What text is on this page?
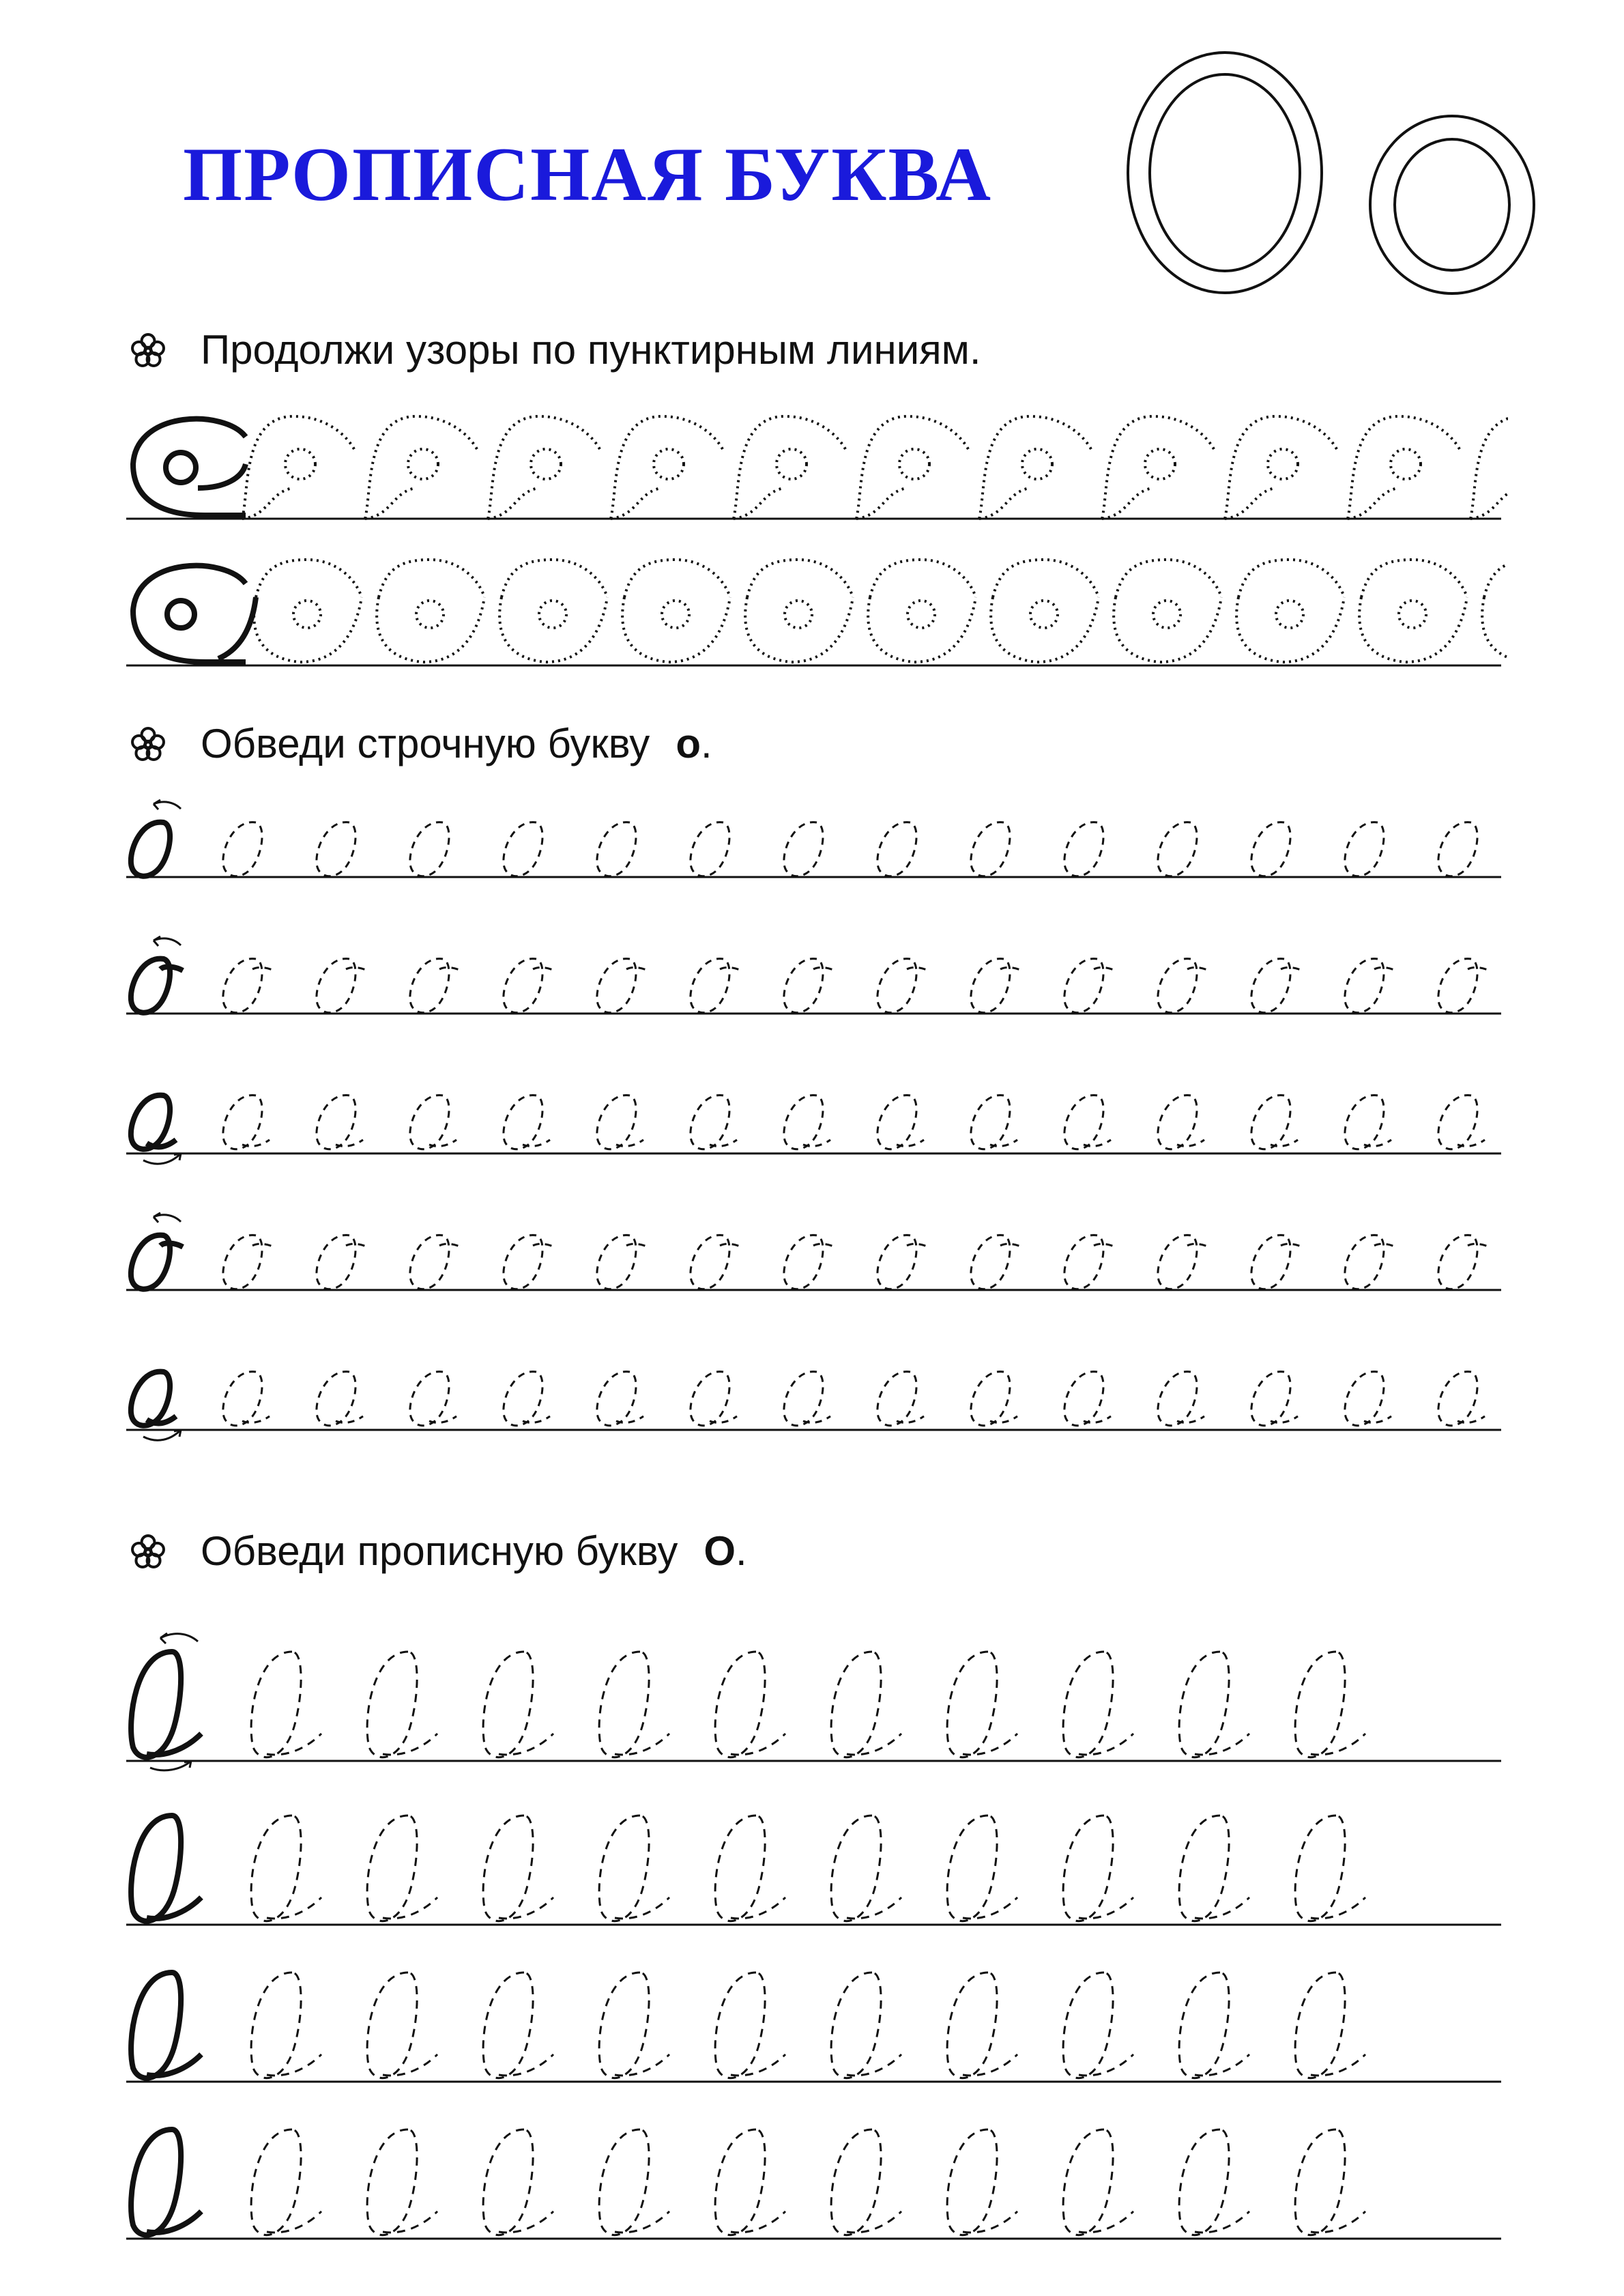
ПРОПИСНАЯ БУКВА
Оо
Продолжи узоры по пунктирным линиям.
Обведи строчную букву о .
Обведи прописную букву О .
